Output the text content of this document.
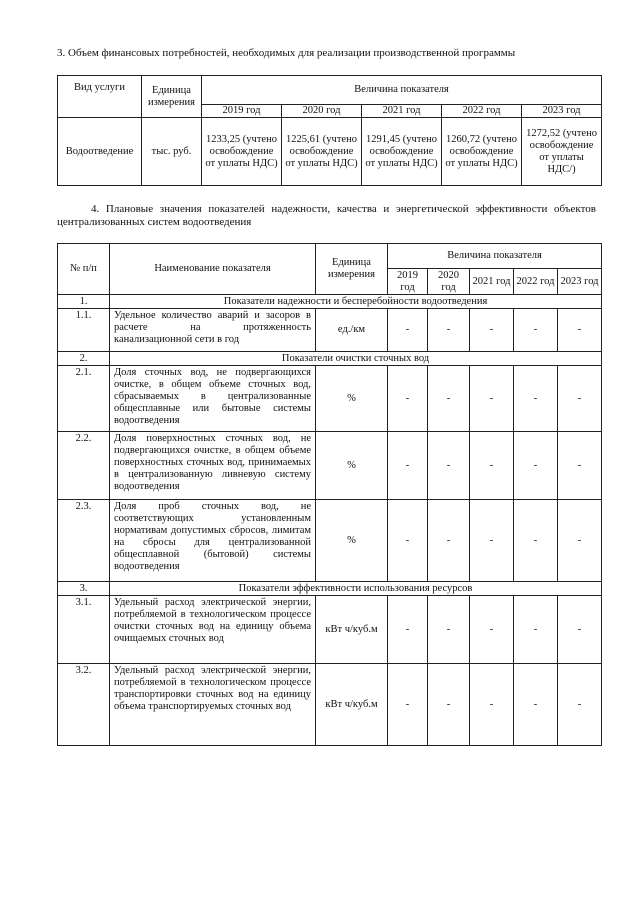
3. Объем финансовых потребностей, необходимых для реализации производственной программы
Вид услуги	Единица измерения	Величина показателя				
		2019 год	2020 год	2021 год	2022 год	2023 год
Водоотведение	тыс. руб.	1233,25 (учтено освобождение от уплаты НДС)	1225,61 (учтено освобождение от уплаты НДС)	1291,45 (учтено освобождение от уплаты НДС)	1260,72 (учтено освобождение от уплаты НДС)	1272,52 (учтено освобождение от уплаты НДС/)
4. Плановые значения показателей надежности, качества и энергетической эффективности объектов централизованных систем водоотведения
№ п/п	Наименование показателя	Единица измерения	Величина показателя				
			2019 год	2020 год	2021 год	2022 год	2023 год
1.	Показатели надежности и бесперебойности водоотведения						
1.1.	Удельное количество аварий и засоров в расчете на протяженность канализационной сети в год	ед./км	-	-	-	-	-
2.	Показатели очистки сточных вод						
2.1.	Доля сточных вод, не подвергающихся очистке, в общем объеме сточных вод, сбрасываемых в централизованные общесплавные или бытовые системы водоотведения	%	-	-	-	-	-
2.2.	Доля поверхностных сточных вод, не подвергающихся очистке, в общем объеме поверхностных сточных вод, принимаемых в централизованную ливневую систему водоотведения	%	-	-	-	-	-
2.3.	Доля проб сточных вод, не соответствующих установленным нормативам допустимых сбросов, лимитам на сбросы для централизованной общесплавной (бытовой) системы водоотведения	%	-	-	-	-	-
3.	Показатели эффективности использования ресурсов						
3.1.	Удельный расход электрической энергии, потребляемой в технологическом процессе очистки сточных вод на единицу объема очищаемых сточных вод	кВт ч/куб.м	-	-	-	-	-
3.2.	Удельный расход электрической энергии, потребляемой в технологическом процессе транспортировки сточных вод на единицу объема транспортируемых сточных вод	кВт ч/куб.м	-	-	-	-	-
